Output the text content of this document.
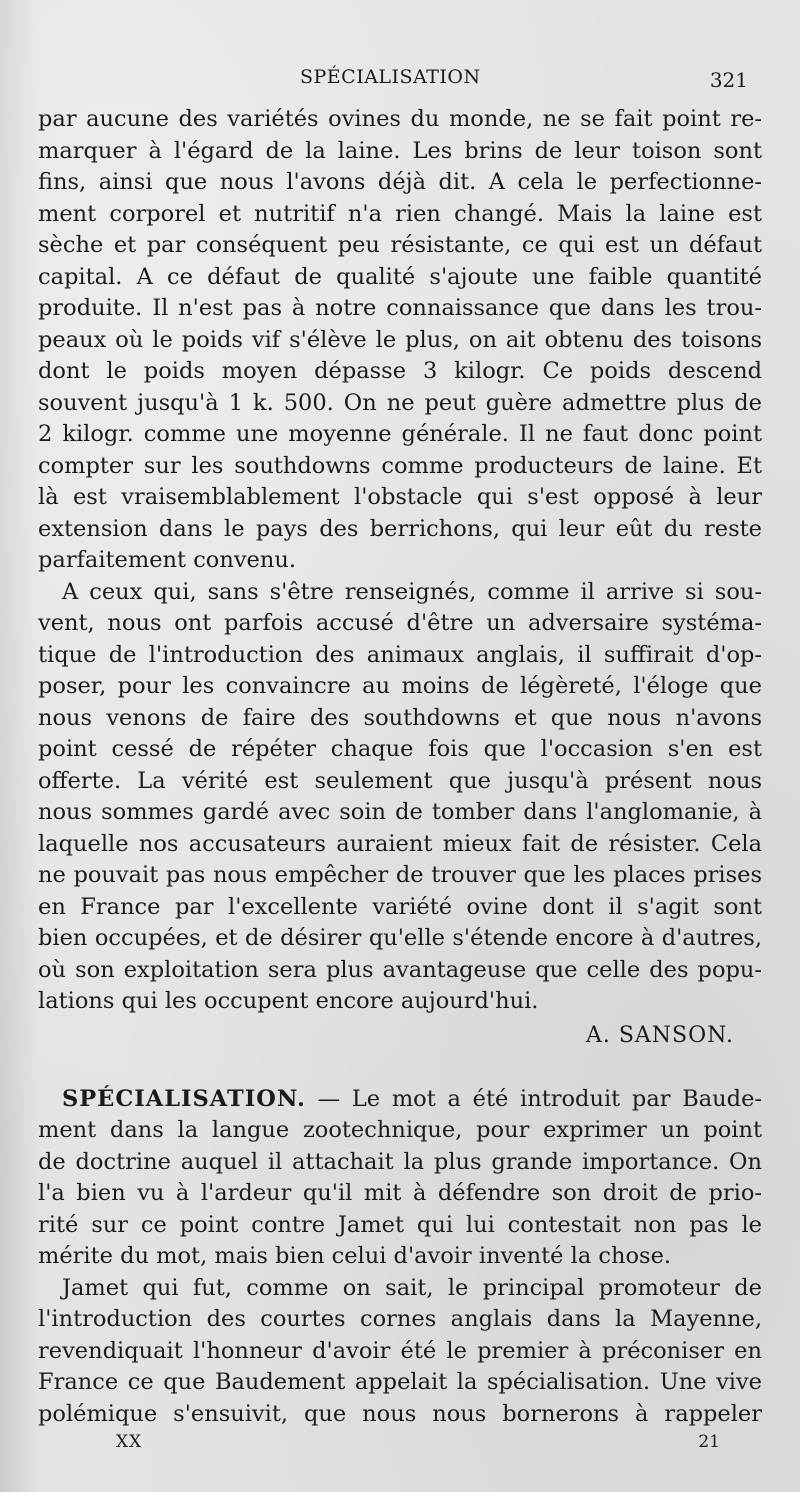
SPÉCIALISATION	321
par aucune des variétés ovines du monde, ne se fait point re-
marquer à l'égard de la laine. Les brins de leur toison sont
fins, ainsi que nous l'avons déjà dit. A cela le perfectionne-
ment corporel et nutritif n'a rien changé. Mais la laine est
sèche et par conséquent peu résistante, ce qui est un défaut
capital. A ce défaut de qualité s'ajoute une faible quantité
produite. Il n'est pas à notre connaissance que dans les trou-
peaux où le poids vif s'élève le plus, on ait obtenu des toisons
dont le poids moyen dépasse 3 kilogr. Ce poids descend
souvent jusqu'à 1 k. 500. On ne peut guère admettre plus de
2 kilogr. comme une moyenne générale. Il ne faut donc point
compter sur les southdowns comme producteurs de laine. Et
là est vraisemblablement l'obstacle qui s'est opposé à leur
extension dans le pays des berrichons, qui leur eût du reste
parfaitement convenu.
A ceux qui, sans s'être renseignés, comme il arrive si sou-
vent, nous ont parfois accusé d'être un adversaire systéma-
tique de l'introduction des animaux anglais, il suffirait d'op-
poser, pour les convaincre au moins de légèreté, l'éloge que
nous venons de faire des southdowns et que nous n'avons
point cessé de répéter chaque fois que l'occasion s'en est
offerte. La vérité est seulement que jusqu'à présent nous
nous sommes gardé avec soin de tomber dans l'anglomanie, à
laquelle nos accusateurs auraient mieux fait de résister. Cela
ne pouvait pas nous empêcher de trouver que les places prises
en France par l'excellente variété ovine dont il s'agit sont
bien occupées, et de désirer qu'elle s'étende encore à d'autres,
où son exploitation sera plus avantageuse que celle des popu-
lations qui les occupent encore aujourd'hui.
A. SANSON.
SPÉCIALISATION. — Le mot a été introduit par Baude-
ment dans la langue zootechnique, pour exprimer un point
de doctrine auquel il attachait la plus grande importance. On
l'a bien vu à l'ardeur qu'il mit à défendre son droit de prio-
rité sur ce point contre Jamet qui lui contestait non pas le
mérite du mot, mais bien celui d'avoir inventé la chose.
Jamet qui fut, comme on sait, le principal promoteur de
l'introduction des courtes cornes anglais dans la Mayenne,
revendiquait l'honneur d'avoir été le premier à préconiser en
France ce que Baudement appelait la spécialisation. Une vive
polémique s'ensuivit, que nous nous bornerons à rappeler
XX	21
